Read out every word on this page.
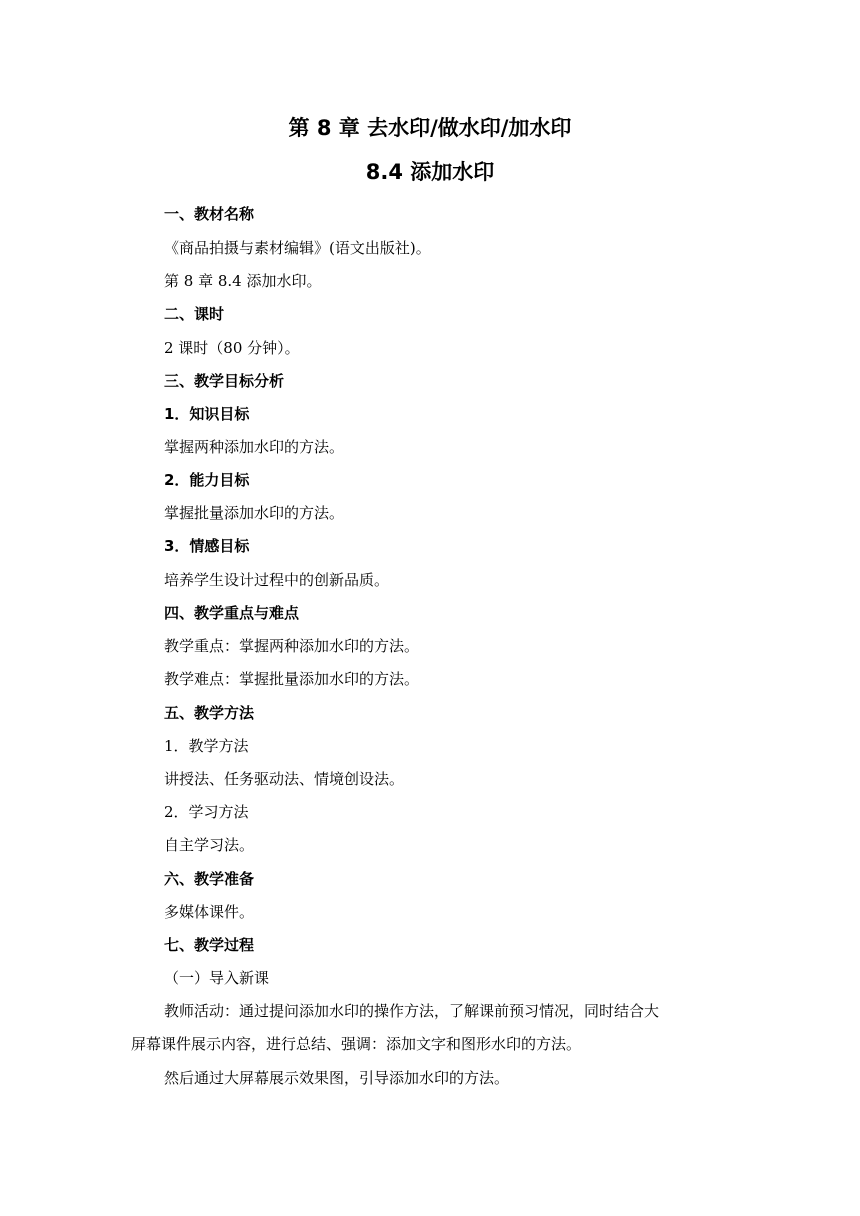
第 8 章 去水印/做水印/加水印
8.4 添加水印
一、教材名称
《商品拍摄与素材编辑》(语文出版社)。
第 8 章 8.4 添加水印。
二、课时
2 课时（80 分钟）。
三、教学目标分析
1．知识目标
掌握两种添加水印的方法。
2．能力目标
掌握批量添加水印的方法。
3．情感目标
培养学生设计过程中的创新品质。
四、教学重点与难点
教学重点：掌握两种添加水印的方法。
教学难点：掌握批量添加水印的方法。
五、教学方法
1．教学方法
讲授法、任务驱动法、情境创设法。
2．学习方法
自主学习法。
六、教学准备
多媒体课件。
七、教学过程
（一）导入新课
教师活动：通过提问添加水印的操作方法，了解课前预习情况，同时结合大
屏幕课件展示内容，进行总结、强调：添加文字和图形水印的方法。
然后通过大屏幕展示效果图，引导添加水印的方法。
